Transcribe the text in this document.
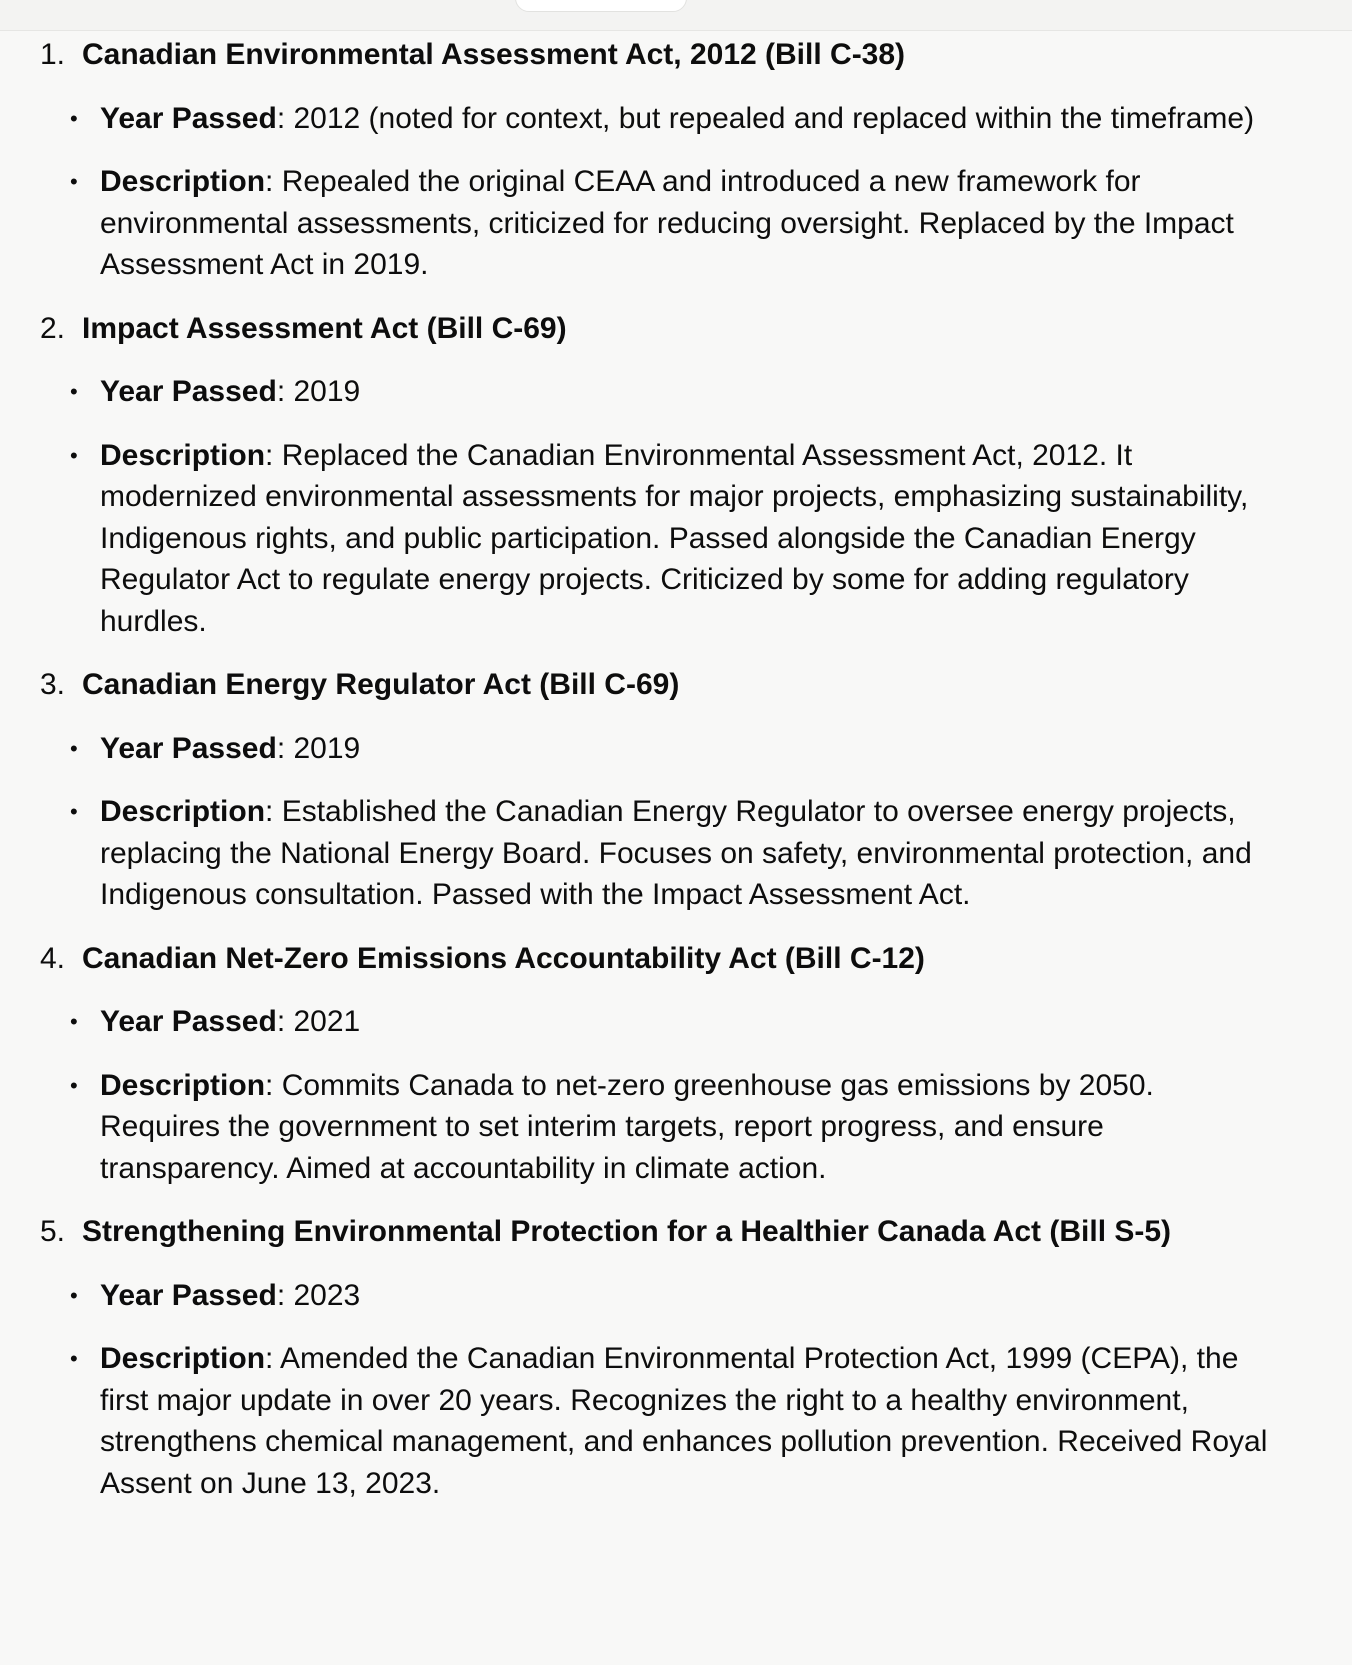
1. Canadian Environmental Assessment Act, 2012 (Bill C-38)
• Year Passed: 2012 (noted for context, but repealed and replaced within the timeframe)
• Description: Repealed the original CEAA and introduced a new framework for environmental assessments, criticized for reducing oversight. Replaced by the Impact Assessment Act in 2019.
2. Impact Assessment Act (Bill C-69)
• Year Passed: 2019
• Description: Replaced the Canadian Environmental Assessment Act, 2012. It modernized environmental assessments for major projects, emphasizing sustainability, Indigenous rights, and public participation. Passed alongside the Canadian Energy Regulator Act to regulate energy projects. Criticized by some for adding regulatory hurdles.
3. Canadian Energy Regulator Act (Bill C-69)
• Year Passed: 2019
• Description: Established the Canadian Energy Regulator to oversee energy projects, replacing the National Energy Board. Focuses on safety, environmental protection, and Indigenous consultation. Passed with the Impact Assessment Act.
4. Canadian Net-Zero Emissions Accountability Act (Bill C-12)
• Year Passed: 2021
• Description: Commits Canada to net-zero greenhouse gas emissions by 2050. Requires the government to set interim targets, report progress, and ensure transparency. Aimed at accountability in climate action.
5. Strengthening Environmental Protection for a Healthier Canada Act (Bill S-5)
• Year Passed: 2023
• Description: Amended the Canadian Environmental Protection Act, 1999 (CEPA), the first major update in over 20 years. Recognizes the right to a healthy environment, strengthens chemical management, and enhances pollution prevention. Received Royal Assent on June 13, 2023.
